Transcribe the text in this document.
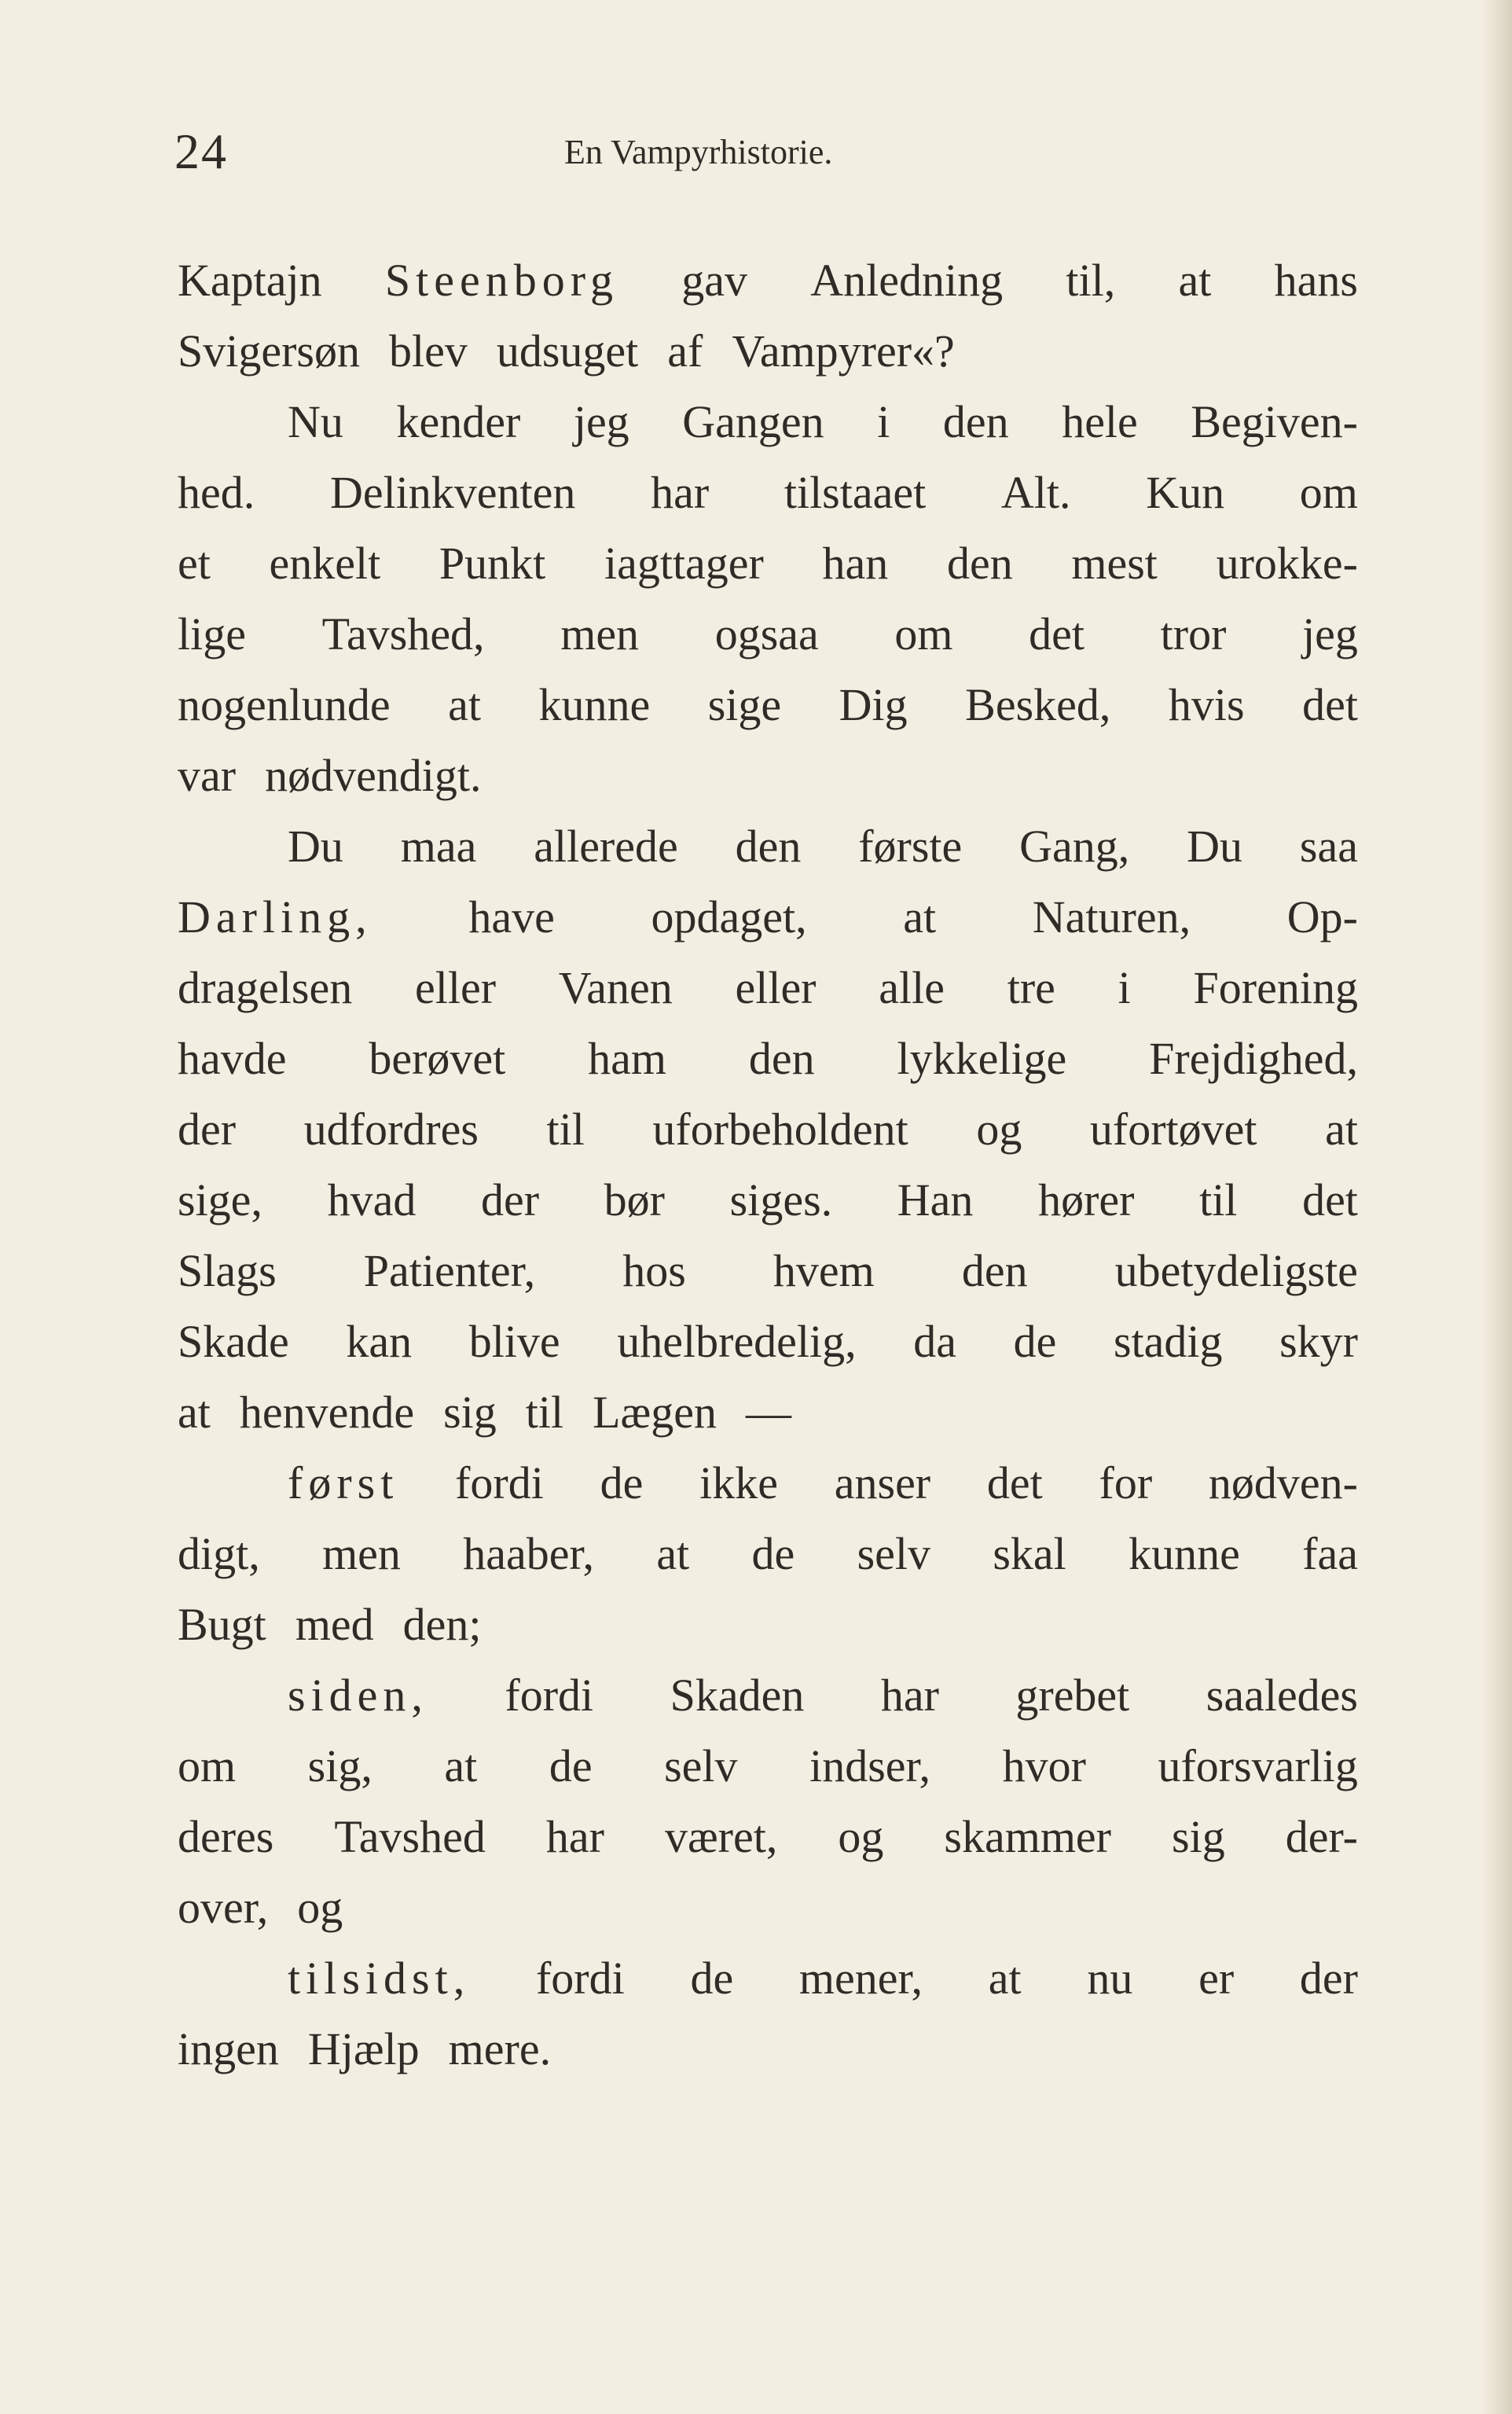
24	En Vampyrhistorie.
Kaptajn Steenborg gav Anledning til, at hans
Svigersøn
blev
udsuget
af
Vampyrer«?
Nu kender jeg Gangen i den hele Begiven-
hed. Delinkventen har tilstaaet Alt. Kun om
et enkelt Punkt iagttager han den mest urokke-
lige Tavshed, men ogsaa om det tror jeg
nogenlunde at kunne sige Dig Besked, hvis det
var
nødvendigt.
Du maa allerede den første Gang, Du saa
Darling, have opdaget, at Naturen, Op-
dragelsen eller Vanen eller alle tre i Forening
havde berøvet ham den lykkelige Frejdighed,
der udfordres til uforbeholdent og ufortøvet at
sige, hvad der bør siges. Han hører til det
Slags Patienter, hos hvem den ubetydeligste
Skade kan blive uhelbredelig, da de stadig skyr
at
henvende
sig
til
Lægen
—
først fordi de ikke anser det for nødven-
digt, men haaber, at de selv skal kunne faa
Bugt
med
den;
siden, fordi Skaden har grebet saaledes
om sig, at de selv indser, hvor uforsvarlig
deres Tavshed har været, og skammer sig der-
over,
og
tilsidst, fordi de mener, at nu er der
ingen
Hjælp
mere.
